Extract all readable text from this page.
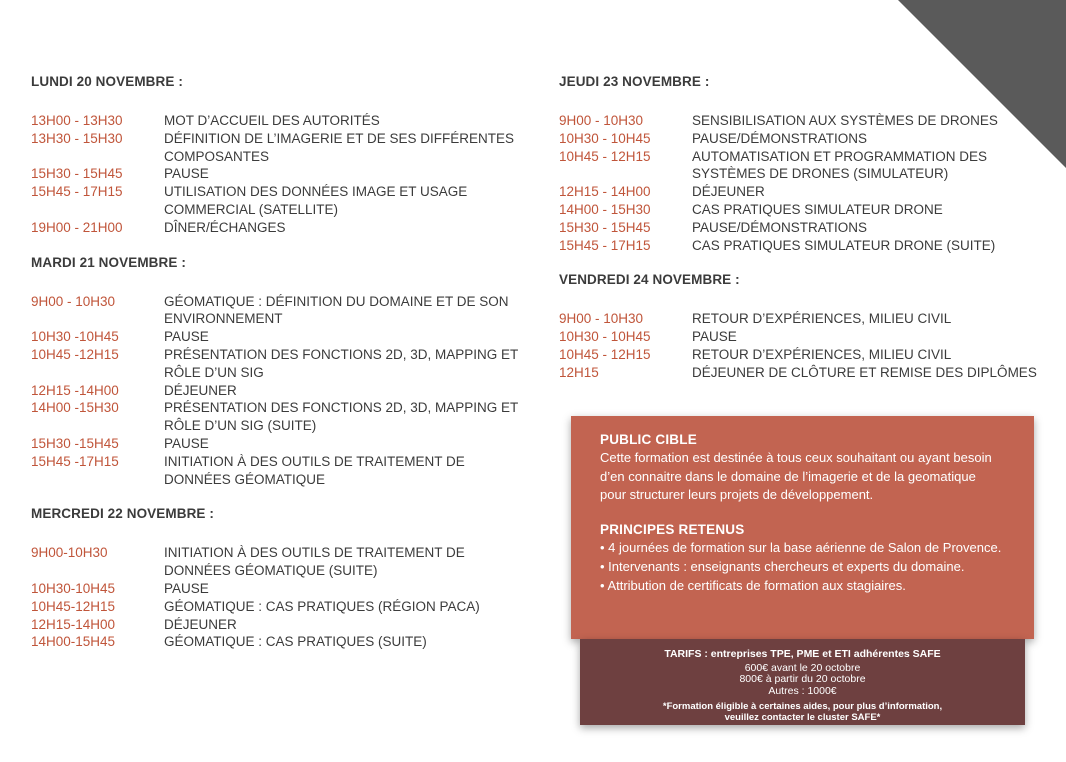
LUNDI 20 NOVEMBRE :
13H00 - 13H30	MOT D’ACCUEIL DES AUTORITÉS
13H30 - 15H30	DÉFINITION DE L’IMAGERIE ET DE SES DIFFÉRENTES COMPOSANTES
15H30 - 15H45	PAUSE
15H45 - 17H15	UTILISATION DES DONNÉES IMAGE ET USAGE COMMERCIAL (SATELLITE)
19H00 - 21H00	DÎNER/ÉCHANGES
MARDI 21 NOVEMBRE :
9H00 - 10H30	GÉOMATIQUE : DÉFINITION DU DOMAINE ET DE SON ENVIRONNEMENT
10H30 -10H45	PAUSE
10H45 -12H15	PRÉSENTATION DES FONCTIONS 2D, 3D, MAPPING ET RÔLE D’UN SIG
12H15 -14H00	DÉJEUNER
14H00 -15H30	PRÉSENTATION DES FONCTIONS 2D, 3D, MAPPING ET RÔLE D’UN SIG (SUITE)
15H30 -15H45	PAUSE
15H45 -17H15	INITIATION À DES OUTILS DE TRAITEMENT DE DONNÉES GÉOMATIQUE
MERCREDI 22 NOVEMBRE :
9H00-10H30	INITIATION À DES OUTILS DE TRAITEMENT DE DONNÉES GÉOMATIQUE (SUITE)
10H30-10H45	PAUSE
10H45-12H15	GÉOMATIQUE : CAS PRATIQUES (RÉGION PACA)
12H15-14H00	DÉJEUNER
14H00-15H45	GÉOMATIQUE : CAS PRATIQUES (SUITE)
JEUDI 23 NOVEMBRE :
9H00 - 10H30	SENSIBILISATION AUX SYSTÈMES DE DRONES
10H30 - 10H45	PAUSE/DÉMONSTRATIONS
10H45 - 12H15	AUTOMATISATION ET PROGRAMMATION DES SYSTÈMES DE DRONES (SIMULATEUR)
12H15 - 14H00	DÉJEUNER
14H00 - 15H30	CAS PRATIQUES SIMULATEUR DRONE
15H30 - 15H45	PAUSE/DÉMONSTRATIONS
15H45 - 17H15	CAS PRATIQUES SIMULATEUR DRONE (SUITE)
VENDREDI 24 NOVEMBRE :
9H00 - 10H30	RETOUR D’EXPÉRIENCES, MILIEU CIVIL
10H30 - 10H45	PAUSE
10H45 - 12H15	RETOUR D’EXPÉRIENCES, MILIEU CIVIL
12H15	DÉJEUNER DE CLÔTURE ET REMISE DES DIPLÔMES
PUBLIC CIBLE

Cette formation est destinée à tous ceux souhaitant ou ayant besoin d’en connaitre dans le domaine de l’imagerie et de la geomatique pour structurer leurs projets de développement.

PRINCIPES RETENUS
• 4 journées de formation sur la base aérienne de Salon de Provence.
• Intervenants : enseignants chercheurs et experts du domaine.
• Attribution de certificats de formation aux stagiaires.
TARIFS : entreprises TPE, PME et ETI adhérentes SAFE
600€ avant le 20 octobre
800€ à partir du 20 octobre
Autres : 1000€
*Formation éligible à certaines aides, pour plus d’information,
veuillez contacter le cluster SAFE*
